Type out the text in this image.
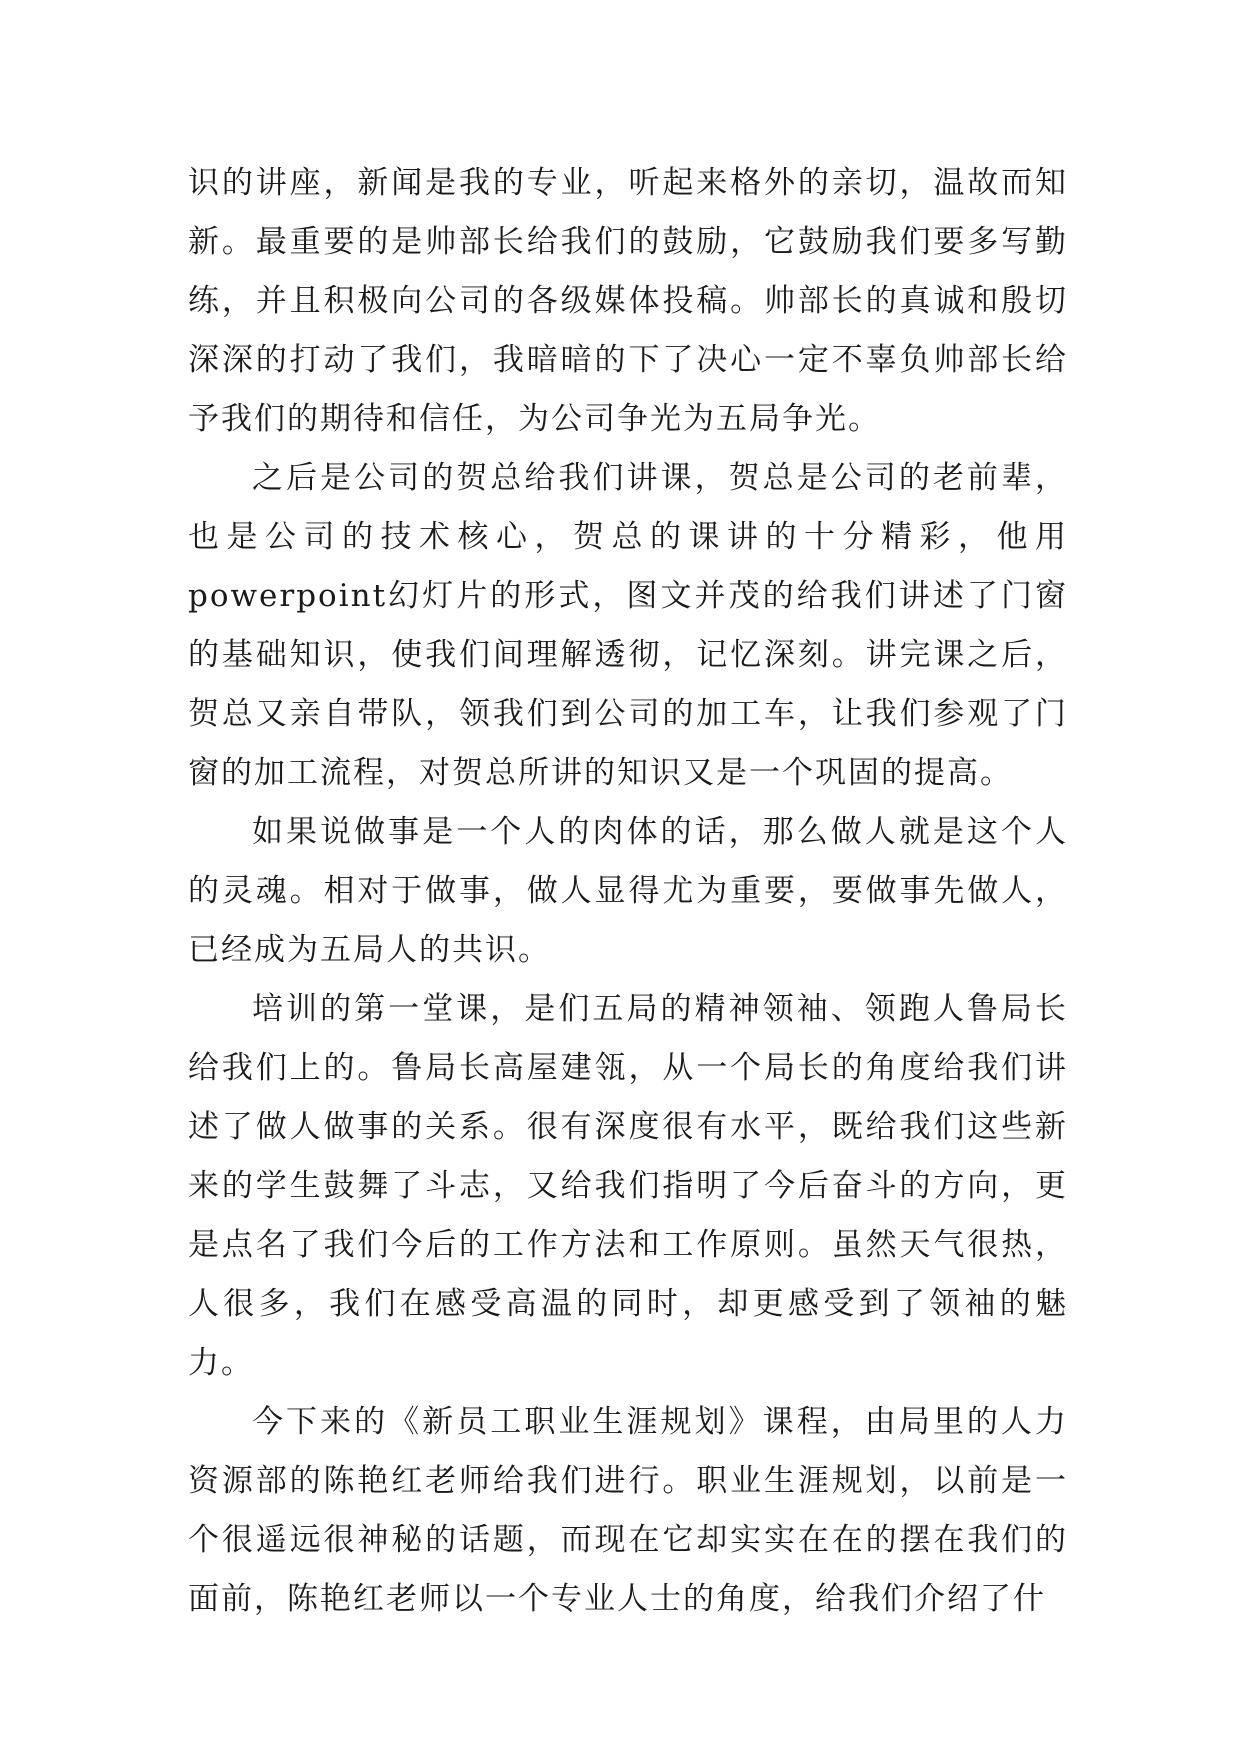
识的讲座，新闻是我的专业，听起来格外的亲切，温故而知新。最重要的是帅部长给我们的鼓励，它鼓励我们要多写勤练，并且积极向公司的各级媒体投稿。帅部长的真诚和殷切深深的打动了我们，我暗暗的下了决心一定不辜负帅部长给予我们的期待和信任，为公司争光为五局争光。

之后是公司的贺总给我们讲课，贺总是公司的老前辈，也是公司的技术核心，贺总的课讲的十分精彩，他用powerpoint幻灯片的形式，图文并茂的给我们讲述了门窗的基础知识，使我们间理解透彻，记忆深刻。讲完课之后，贺总又亲自带队，领我们到公司的加工车，让我们参观了门窗的加工流程，对贺总所讲的知识又是一个巩固的提高。

如果说做事是一个人的肉体的话，那么做人就是这个人的灵魂。相对于做事，做人显得尤为重要，要做事先做人，已经成为五局人的共识。

培训的第一堂课，是们五局的精神领袖、领跑人鲁局长给我们上的。鲁局长高屋建瓴，从一个局长的角度给我们讲述了做人做事的关系。很有深度很有水平，既给我们这些新来的学生鼓舞了斗志，又给我们指明了今后奋斗的方向，更是点名了我们今后的工作方法和工作原则。虽然天气很热，人很多，我们在感受高温的同时，却更感受到了领袖的魅力。

今下来的《新员工职业生涯规划》课程，由局里的人力资源部的陈艳红老师给我们进行。职业生涯规划，以前是一个很遥远很神秘的话题，而现在它却实实在在的摆在我们的面前，陈艳红老师以一个专业人士的角度，给我们介绍了什
